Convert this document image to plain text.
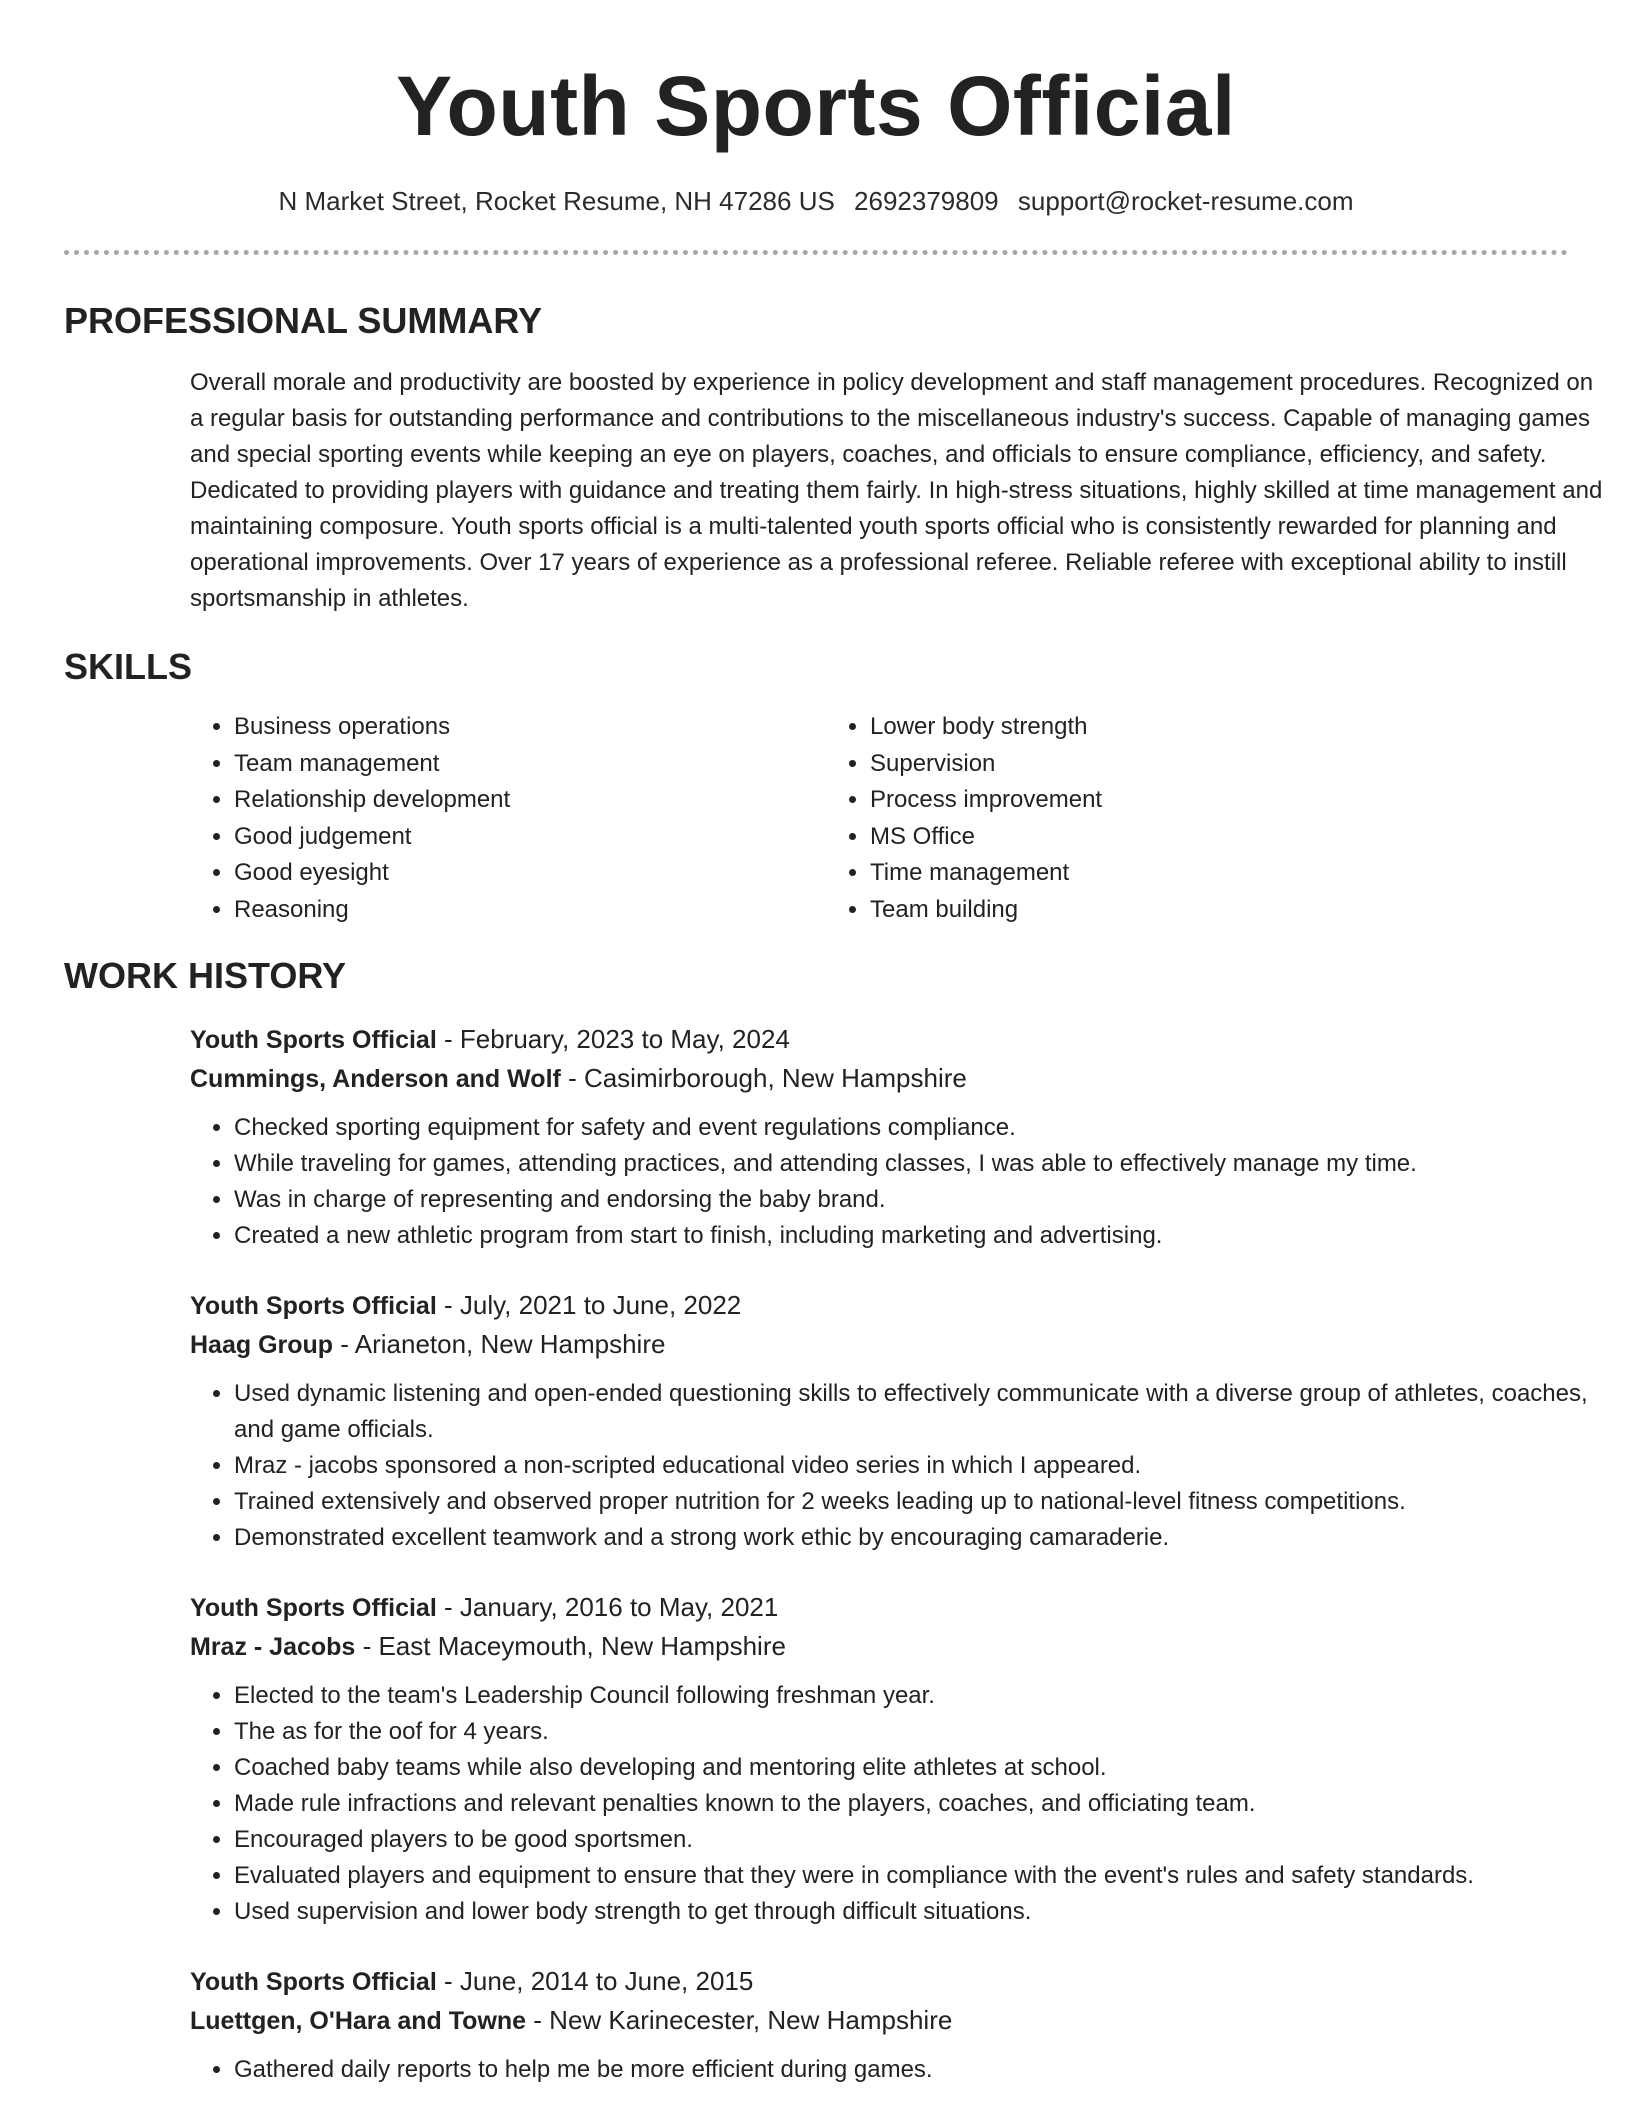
Youth Sports Official
N Market Street, Rocket Resume, NH 47286 US 2692379809 support@rocket-resume.com
PROFESSIONAL SUMMARY

Overall morale and productivity are boosted by experience in policy development and staff management procedures. Recognized on a regular basis for outstanding performance and contributions to the miscellaneous industry's success. Capable of managing games and special sporting events while keeping an eye on players, coaches, and officials to ensure compliance, efficiency, and safety. Dedicated to providing players with guidance and treating them fairly. In high-stress situations, highly skilled at time management and maintaining composure. Youth sports official is a multi-talented youth sports official who is consistently rewarded for planning and operational improvements. Over 17 years of experience as a professional referee. Reliable referee with exceptional ability to instill sportsmanship in athletes.

SKILLS
• Business operations
• Team management
• Relationship development
• Good judgement
• Good eyesight
• Reasoning
• Lower body strength
• Supervision
• Process improvement
• MS Office
• Time management
• Team building
WORK HISTORY
Youth Sports Official - February, 2023 to May, 2024
Cummings, Anderson and Wolf - Casimirborough, New Hampshire
• Checked sporting equipment for safety and event regulations compliance.
• While traveling for games, attending practices, and attending classes, I was able to effectively manage my time.
• Was in charge of representing and endorsing the baby brand.
• Created a new athletic program from start to finish, including marketing and advertising.
Youth Sports Official - July, 2021 to June, 2022
Haag Group - Arianeton, New Hampshire
• Used dynamic listening and open-ended questioning skills to effectively communicate with a diverse group of athletes, coaches, and game officials.
• Mraz - jacobs sponsored a non-scripted educational video series in which I appeared.
• Trained extensively and observed proper nutrition for 2 weeks leading up to national-level fitness competitions.
• Demonstrated excellent teamwork and a strong work ethic by encouraging camaraderie.
Youth Sports Official - January, 2016 to May, 2021
Mraz - Jacobs - East Maceymouth, New Hampshire
• Elected to the team's Leadership Council following freshman year.
• The as for the oof for 4 years.
• Coached baby teams while also developing and mentoring elite athletes at school.
• Made rule infractions and relevant penalties known to the players, coaches, and officiating team.
• Encouraged players to be good sportsmen.
• Evaluated players and equipment to ensure that they were in compliance with the event's rules and safety standards.
• Used supervision and lower body strength to get through difficult situations.
Youth Sports Official - June, 2014 to June, 2015
Luettgen, O'Hara and Towne - New Karinecester, New Hampshire
• Gathered daily reports to help me be more efficient during games.
